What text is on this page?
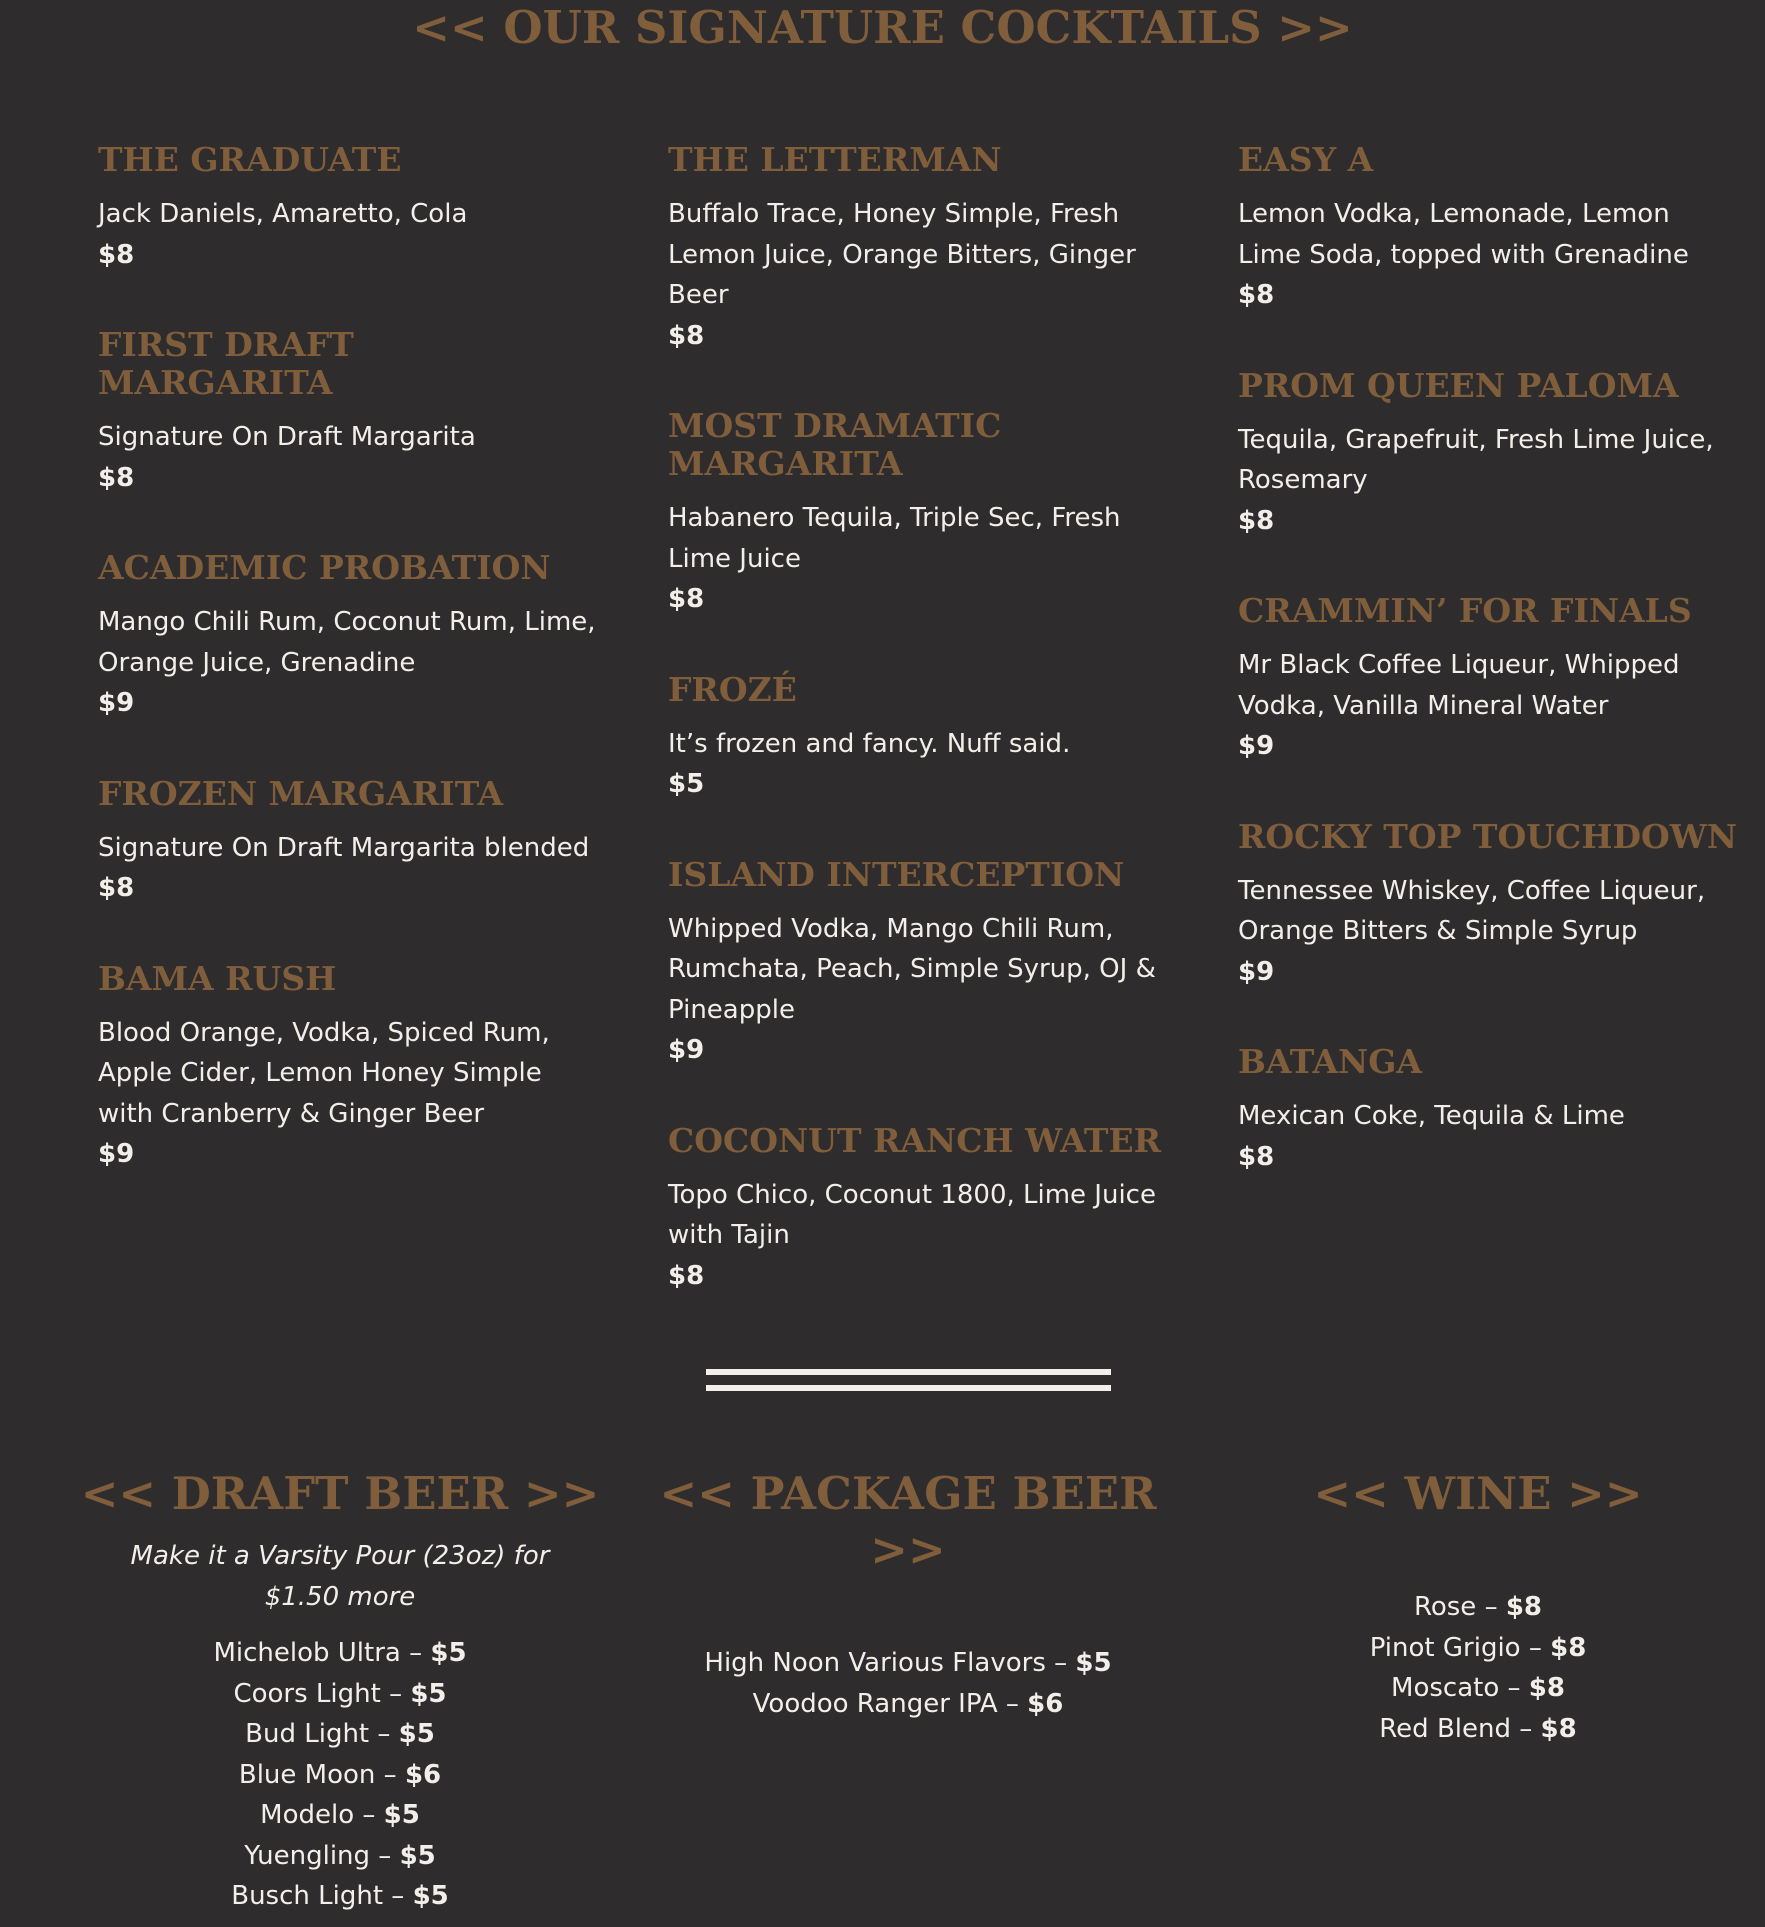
<< OUR SIGNATURE COCKTAILS >>
THE GRADUATE
Jack Daniels, Amaretto, Cola
$8
FIRST DRAFT MARGARITA
Signature On Draft Margarita
$8
ACADEMIC PROBATION
Mango Chili Rum, Coconut Rum, Lime, Orange Juice, Grenadine
$9
FROZEN MARGARITA
Signature On Draft Margarita blended
$8
BAMA RUSH
Blood Orange, Vodka, Spiced Rum, Apple Cider, Lemon Honey Simple with Cranberry & Ginger Beer
$9
THE LETTERMAN
Buffalo Trace, Honey Simple, Fresh Lemon Juice, Orange Bitters, Ginger Beer
$8
MOST DRAMATIC MARGARITA
Habanero Tequila, Triple Sec, Fresh Lime Juice
$8
FROZÉ
It’s frozen and fancy. Nuff said.
$5
ISLAND INTERCEPTION
Whipped Vodka, Mango Chili Rum, Rumchata, Peach, Simple Syrup, OJ & Pineapple
$9
COCONUT RANCH WATER
Topo Chico, Coconut 1800, Lime Juice with Tajin
$8
EASY A
Lemon Vodka, Lemonade, Lemon Lime Soda, topped with Grenadine
$8
PROM QUEEN PALOMA
Tequila, Grapefruit, Fresh Lime Juice, Rosemary
$8
CRAMMIN’ FOR FINALS
Mr Black Coffee Liqueur, Whipped Vodka, Vanilla Mineral Water
$9
ROCKY TOP TOUCHDOWN
Tennessee Whiskey, Coffee Liqueur, Orange Bitters & Simple Syrup
$9
BATANGA
Mexican Coke, Tequila & Lime
$8
<< DRAFT BEER >>
Make it a Varsity Pour (23oz) for $1.50 more
Michelob Ultra – $5
Coors Light – $5
Bud Light – $5
Blue Moon – $6
Modelo – $5
Yuengling – $5
Busch Light – $5
<< PACKAGE BEER >>
High Noon Various Flavors – $5
Voodoo Ranger IPA – $6
<< WINE >>
Rose – $8
Pinot Grigio – $8
Moscato – $8
Red Blend – $8
